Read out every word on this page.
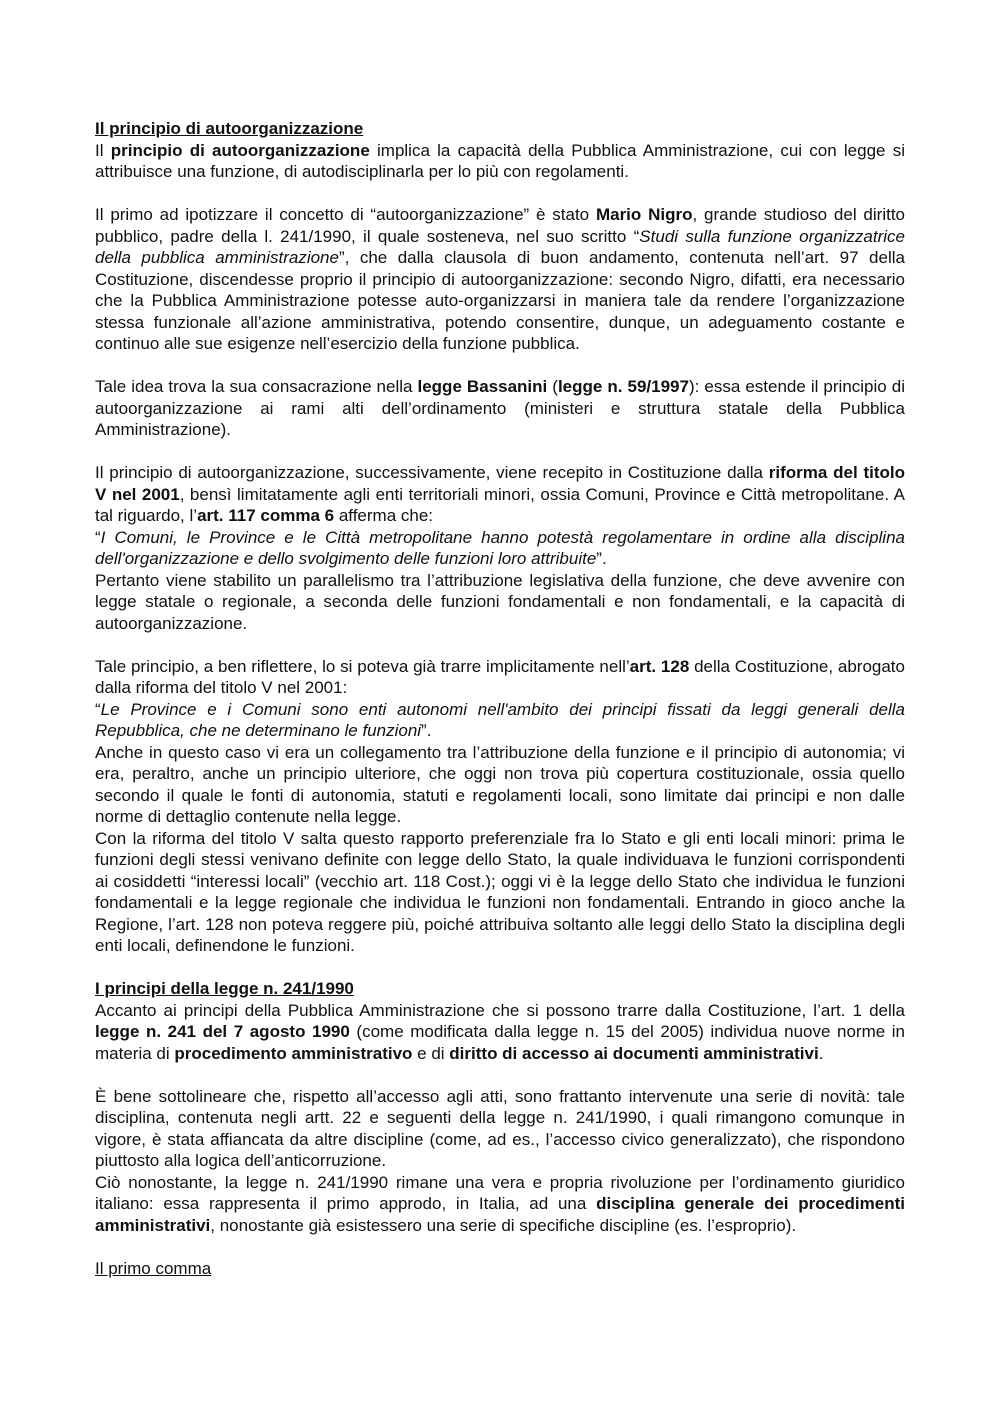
Il principio di autoorganizzazione

Il principio di autoorganizzazione implica la capacità della Pubblica Amministrazione, cui con legge si attribuisce una funzione, di autodisciplinarla per lo più con regolamenti.

Il primo ad ipotizzare il concetto di “autoorganizzazione” è stato Mario Nigro, grande studioso del diritto pubblico, padre della l. 241/1990, il quale sosteneva, nel suo scritto “Studi sulla funzione organizzatrice della pubblica amministrazione”, che dalla clausola di buon andamento, contenuta nell’art. 97 della Costituzione, discendesse proprio il principio di autoorganizzazione: secondo Nigro, difatti, era necessario che la Pubblica Amministrazione potesse auto-organizzarsi in maniera tale da rendere l’organizzazione stessa funzionale all’azione amministrativa, potendo consentire, dunque, un adeguamento costante e continuo alle sue esigenze nell’esercizio della funzione pubblica.

Tale idea trova la sua consacrazione nella legge Bassanini (legge n. 59/1997): essa estende il principio di autoorganizzazione ai rami alti dell’ordinamento (ministeri e struttura statale della Pubblica Amministrazione).

Il principio di autoorganizzazione, successivamente, viene recepito in Costituzione dalla riforma del titolo V nel 2001, bensì limitatamente agli enti territoriali minori, ossia Comuni, Province e Città metropolitane. A tal riguardo, l’art. 117 comma 6 afferma che:

“I Comuni, le Province e le Città metropolitane hanno potestà regolamentare in ordine alla disciplina dell'organizzazione e dello svolgimento delle funzioni loro attribuite”.

Pertanto viene stabilito un parallelismo tra l’attribuzione legislativa della funzione, che deve avvenire con legge statale o regionale, a seconda delle funzioni fondamentali e non fondamentali, e la capacità di autoorganizzazione.

Tale principio, a ben riflettere, lo si poteva già trarre implicitamente nell’art. 128 della Costituzione, abrogato dalla riforma del titolo V nel 2001:

“Le Province e i Comuni sono enti autonomi nell'ambito dei principi fissati da leggi generali della Repubblica, che ne determinano le funzioni”.

Anche in questo caso vi era un collegamento tra l’attribuzione della funzione e il principio di autonomia; vi era, peraltro, anche un principio ulteriore, che oggi non trova più copertura costituzionale, ossia quello secondo il quale le fonti di autonomia, statuti e regolamenti locali, sono limitate dai principi e non dalle norme di dettaglio contenute nella legge.

Con la riforma del titolo V salta questo rapporto preferenziale fra lo Stato e gli enti locali minori: prima le funzioni degli stessi venivano definite con legge dello Stato, la quale individuava le funzioni corrispondenti ai cosiddetti “interessi locali” (vecchio art. 118 Cost.); oggi vi è la legge dello Stato che individua le funzioni fondamentali e la legge regionale che individua le funzioni non fondamentali. Entrando in gioco anche la Regione, l’art. 128 non poteva reggere più, poiché attribuiva soltanto alle leggi dello Stato la disciplina degli enti locali, definendone le funzioni.

I principi della legge n. 241/1990

Accanto ai principi della Pubblica Amministrazione che si possono trarre dalla Costituzione, l’art. 1 della legge n. 241 del 7 agosto 1990 (come modificata dalla legge n. 15 del 2005) individua nuove norme in materia di procedimento amministrativo e di diritto di accesso ai documenti amministrativi.

È bene sottolineare che, rispetto all’accesso agli atti, sono frattanto intervenute una serie di novità: tale disciplina, contenuta negli artt. 22 e seguenti della legge n. 241/1990, i quali rimangono comunque in vigore, è stata affiancata da altre discipline (come, ad es., l’accesso civico generalizzato), che rispondono piuttosto alla logica dell’anticorruzione.

Ciò nonostante, la legge n. 241/1990 rimane una vera e propria rivoluzione per l’ordinamento giuridico italiano: essa rappresenta il primo approdo, in Italia, ad una disciplina generale dei procedimenti amministrativi, nonostante già esistessero una serie di specifiche discipline (es. l’esproprio).

Il primo comma
